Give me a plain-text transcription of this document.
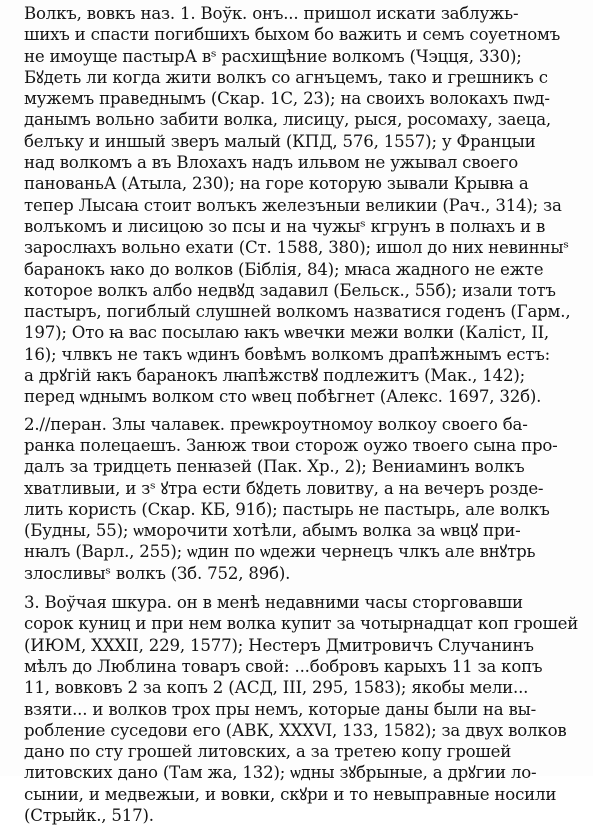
Волкъ, вовкъ наз. 1. Воўк. онъ... пришол искати заблужь-
шихъ и спасти погибшихъ быхом бо важить и семъ соуетномъ
не имоуще пастырА вˢ расхищѣние волкомъ (Чэцця, 330);
Бꙋдеть ли когда жити волкъ со агнъцемъ, тако и грешникъ с
мужемъ праведнымъ (Скар. 1С, 23); на своихъ волокахъ пѡд-
данымъ вольно забити волка, лисицу, рыся, росомаху, заеца,
белъку и иншый зверъ малый (КПД, 576, 1557); у Францыи
над волкомъ а въ Влохахъ надъ ильвом не ужывал своего
панованьА (Атыла, 230); на горе которую зывали Крывꙗ а
тепер Лысаꙗ стоит волъкъ железъныи великии (Рач., 314); за
волъкомъ и лисицою зо псы и на чужыˢ кгрунъ в полꙗхъ и в
зарослꙗхъ вольно ехати (Ст. 1588, 380); ишол до них невинныˢ
баранокъ ꙗко до волков (Біблія, 84); мꙗса жадного не ежте
которое волкъ албо недвꙋд задавил (Бельск., 55б); изали тотъ
пастыръ, погиблый слушней волкомъ назватися годенъ (Гарм.,
197); Ото ꙗ вас посылаю ꙗкъ ѡвечки межи волки (Каліст, II,
16); члвкъ не такъ ѡдинъ бовѣмъ волкомъ драпѣжнымъ естъ:
а дрꙋгій ꙗкъ баранокъ лꙗпѣжствꙋ подлежитъ (Мак., 142);
перед ѡднымъ волком сто ѡвец побѣгнет (Алекс. 1697, 32б).
2.//перан. Злы чалавек. преѡкроутномоу волкоу своего ба-
ранка полецаешъ. Занюж твои сторож оужо твоего сына про-
далъ за тридцеть пенꙗзей (Пак. Хр., 2); Вениаминъ волкъ
хватливыи, и зˢ ꙋтра ести бꙋдеть ловитву, а на вечеръ розде-
лить користь (Скар. КБ, 91б); пастырь не пастырь, але волкъ
(Будны, 55); ѡморочити хотѣли, абымъ волка за ѡвцꙋ при-
нꙗлъ (Варл., 255); ѡдин по ѡдежи чернецъ члкъ але внꙋтрь
злосливыˢ волкъ (Зб. 752, 89б).
3. Воўчая шкура. он в менѣ недавними часы сторговавши
сорок куниц и при нем волка купит за чотырнадцат коп грошей
(ИЮМ, XXXII, 229, 1577); Нестеръ Дмитровичъ Случанинъ
мѣлъ до Люблина товаръ свой: ...бобровъ карыхъ 11 за копъ
11, вовковъ 2 за копъ 2 (АСД, III, 295, 1583); якобы мели...
взяти... и волков трох пры немъ, которые даны были на вы-
робление суседови его (АВК, XXXVI, 133, 1582); за двух волков
дано по сту грошей литовских, а за третею копу грошей
литовских дано (Там жа, 132); ѡдны зꙋбрыные, а дрꙋгии ло-
сынии, и медвежыи, и вовки, скꙋри и то невыправные носили
(Стрыйк., 517).
